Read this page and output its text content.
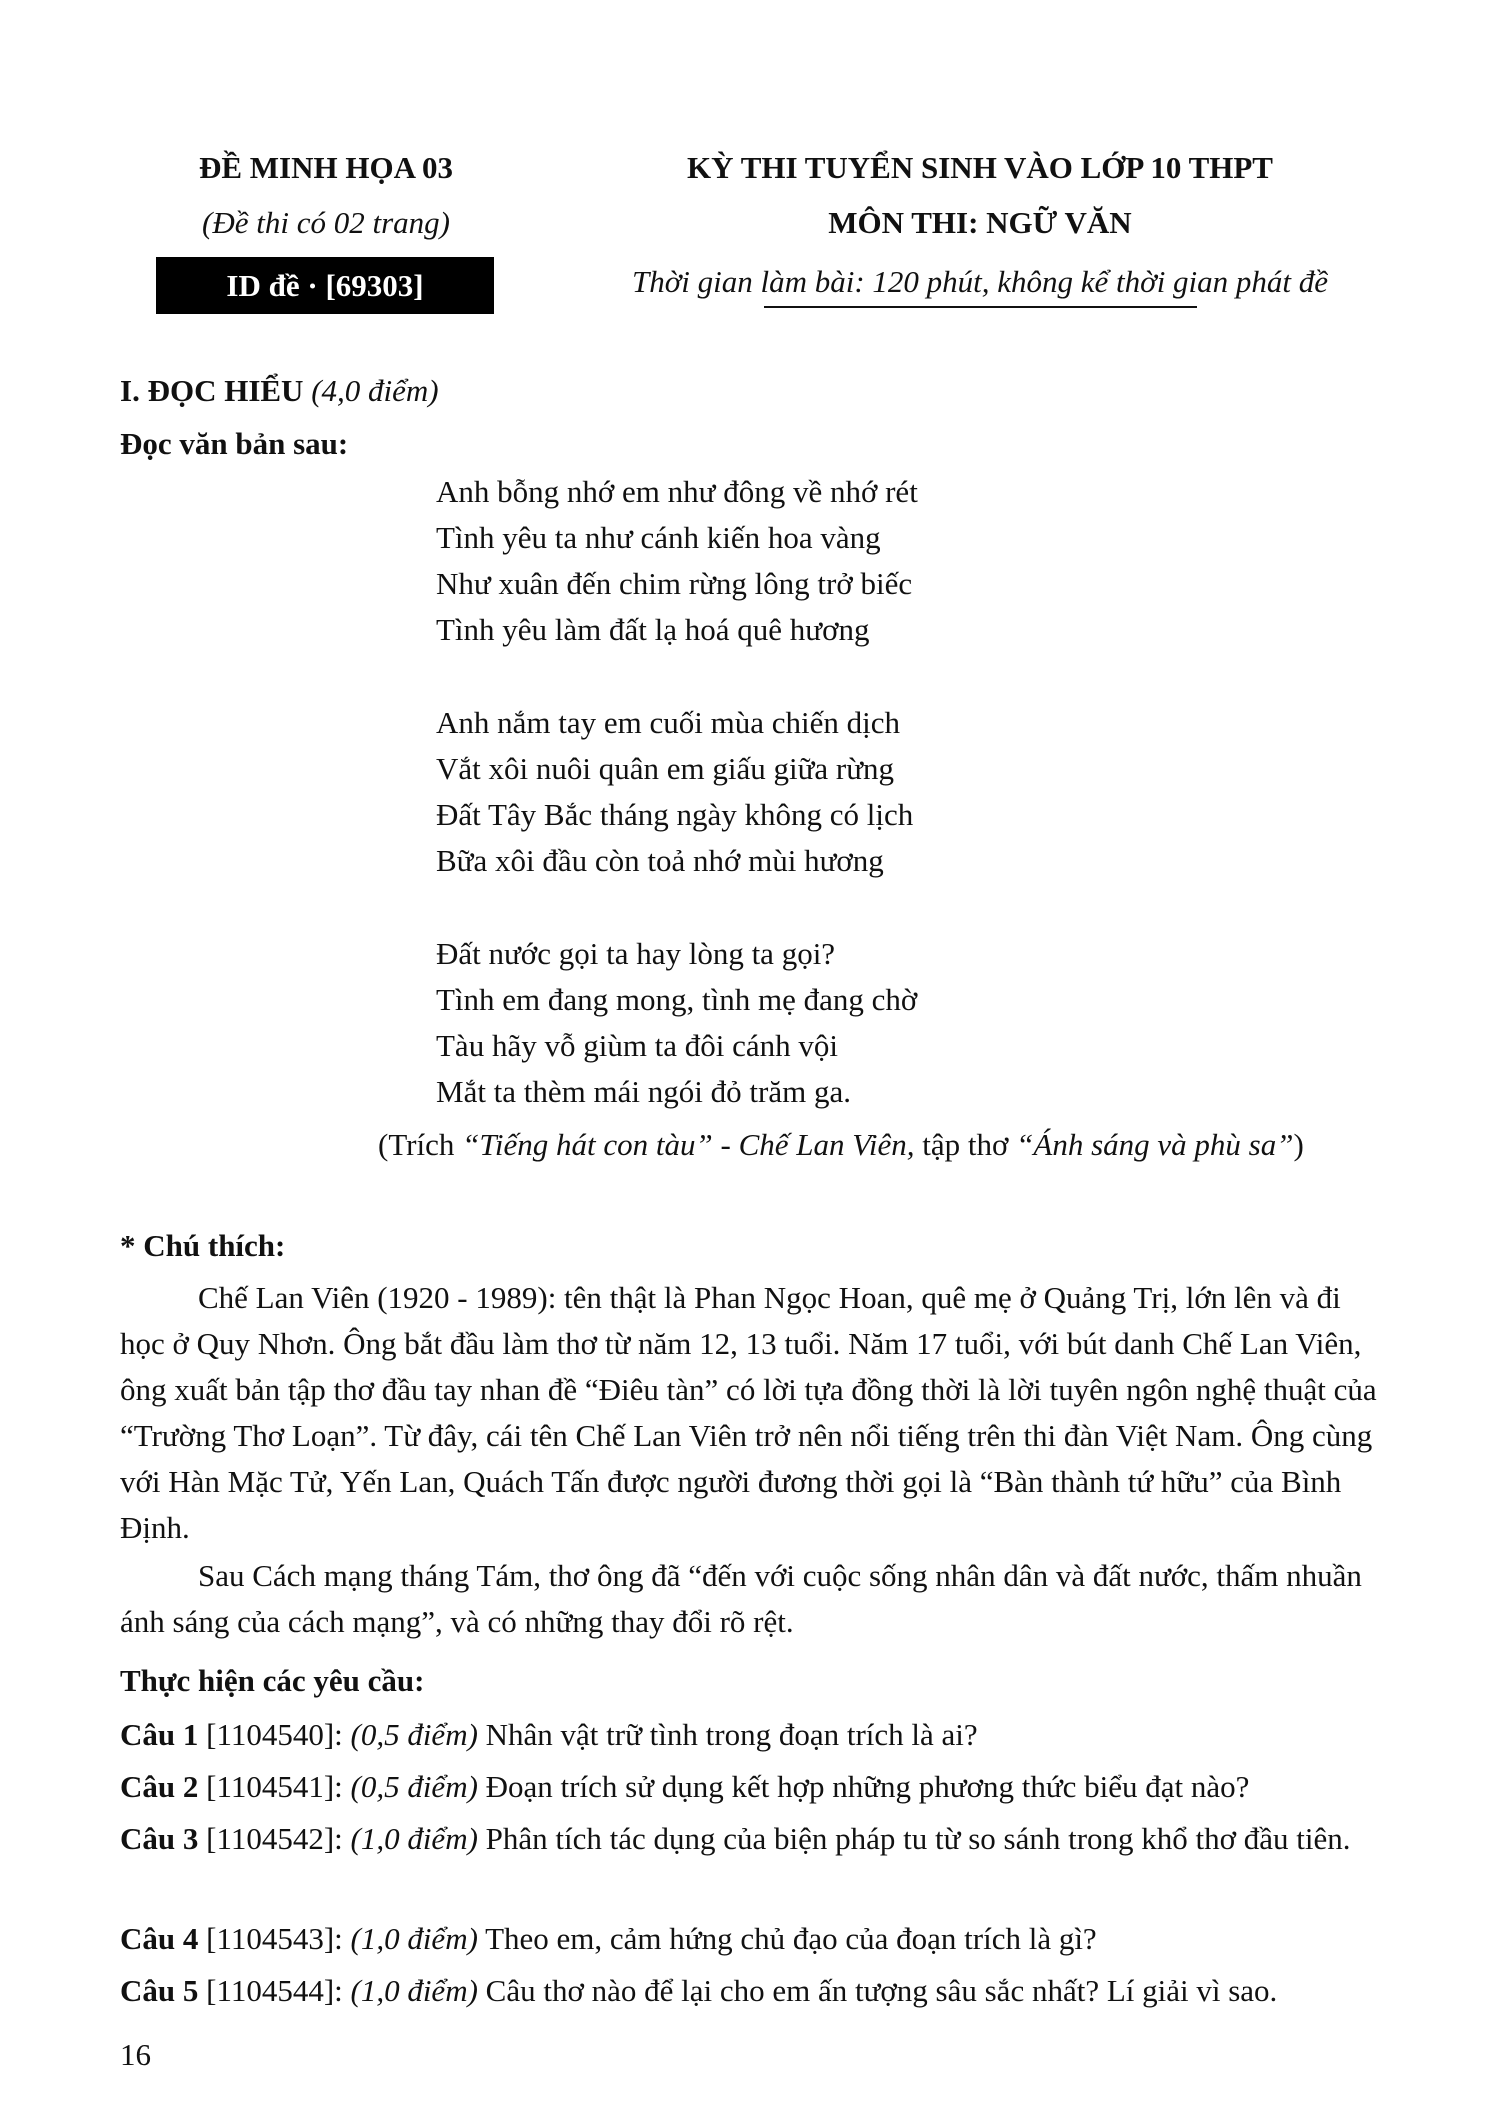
ĐỀ MINH HỌA 03
(Đề thi có 02 trang)
ID đề · [69303]
KỲ THI TUYỂN SINH VÀO LỚP 10 THPT
MÔN THI: NGỮ VĂN
Thời gian làm bài: 120 phút, không kể thời gian phát đề
I. ĐỌC HIỂU (4,0 điểm)
Đọc văn bản sau:
Anh bỗng nhớ em như đông về nhớ rét
Tình yêu ta như cánh kiến hoa vàng
Như xuân đến chim rừng lông trở biếc
Tình yêu làm đất lạ hoá quê hương
Anh nắm tay em cuối mùa chiến dịch
Vắt xôi nuôi quân em giấu giữa rừng
Đất Tây Bắc tháng ngày không có lịch
Bữa xôi đầu còn toả nhớ mùi hương
Đất nước gọi ta hay lòng ta gọi?
Tình em đang mong, tình mẹ đang chờ
Tàu hãy vỗ giùm ta đôi cánh vội
Mắt ta thèm mái ngói đỏ trăm ga.
(Trích “Tiếng hát con tàu” - Chế Lan Viên, tập thơ “Ánh sáng và phù sa”)
* Chú thích:
Chế Lan Viên (1920 - 1989): tên thật là Phan Ngọc Hoan, quê mẹ ở Quảng Trị, lớn lên và đi học ở Quy Nhơn. Ông bắt đầu làm thơ từ năm 12, 13 tuổi. Năm 17 tuổi, với bút danh Chế Lan Viên, ông xuất bản tập thơ đầu tay nhan đề “Điêu tàn” có lời tựa đồng thời là lời tuyên ngôn nghệ thuật của “Trường Thơ Loạn”. Từ đây, cái tên Chế Lan Viên trở nên nổi tiếng trên thi đàn Việt Nam. Ông cùng với Hàn Mặc Tử, Yến Lan, Quách Tấn được người đương thời gọi là “Bàn thành tứ hữu” của Bình Định.
Sau Cách mạng tháng Tám, thơ ông đã “đến với cuộc sống nhân dân và đất nước, thấm nhuần ánh sáng của cách mạng”, và có những thay đổi rõ rệt.
Thực hiện các yêu cầu:
Câu 1 [1104540]: (0,5 điểm) Nhân vật trữ tình trong đoạn trích là ai?
Câu 2 [1104541]: (0,5 điểm) Đoạn trích sử dụng kết hợp những phương thức biểu đạt nào?
Câu 3 [1104542]: (1,0 điểm) Phân tích tác dụng của biện pháp tu từ so sánh trong khổ thơ đầu tiên.
Câu 4 [1104543]: (1,0 điểm) Theo em, cảm hứng chủ đạo của đoạn trích là gì?
Câu 5 [1104544]: (1,0 điểm) Câu thơ nào để lại cho em ấn tượng sâu sắc nhất? Lí giải vì sao.
16
